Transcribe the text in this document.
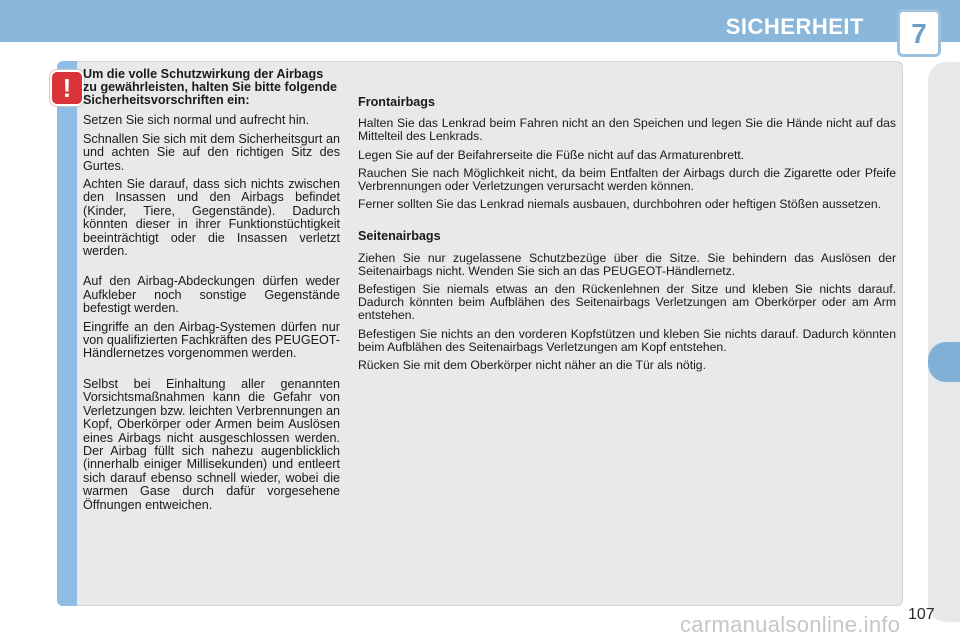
SICHERHEIT	7
! Um die volle Schutzwirkung der Airbags zu gewährleisten, halten Sie bitte folgende Sicherheitsvorschriften ein:

Setzen Sie sich normal und aufrecht hin.

Schnallen Sie sich mit dem Sicherheitsgurt an und achten Sie auf den richtigen Sitz des Gurtes.

Achten Sie darauf, dass sich nichts zwischen den Insassen und den Airbags befindet (Kinder, Tiere, Gegenstände). Dadurch könnten dieser in ihrer Funktionstüchtigkeit beeinträchtigt oder die Insassen verletzt werden.

Auf den Airbag-Abdeckungen dürfen weder Aufkleber noch sonstige Gegenstände befestigt werden.

Eingriffe an den Airbag-Systemen dürfen nur von qualifizierten Fachkräften des PEUGEOT-Händlernetzes vorgenommen werden.

Selbst bei Einhaltung aller genannten Vorsichtsmaßnahmen kann die Gefahr von Verletzungen bzw. leichten Verbrennungen an Kopf, Oberkörper oder Armen beim Auslösen eines Airbags nicht ausgeschlossen werden. Der Airbag füllt sich nahezu augenblicklich (innerhalb einiger Millisekunden) und entleert sich darauf ebenso schnell wieder, wobei die warmen Gase durch dafür vorgesehene Öffnungen entweichen.

Frontairbags

Halten Sie das Lenkrad beim Fahren nicht an den Speichen und legen Sie die Hände nicht auf das Mittelteil des Lenkrads.

Legen Sie auf der Beifahrerseite die Füße nicht auf das Armaturenbrett.

Rauchen Sie nach Möglichkeit nicht, da beim Entfalten der Airbags durch die Zigarette oder Pfeife Verbrennungen oder Verletzungen verursacht werden können.

Ferner sollten Sie das Lenkrad niemals ausbauen, durchbohren oder heftigen Stößen aussetzen.

Seitenairbags

Ziehen Sie nur zugelassene Schutzbezüge über die Sitze. Sie behindern das Auslösen der Seitenairbags nicht. Wenden Sie sich an das PEUGEOT-Händlernetz.

Befestigen Sie niemals etwas an den Rückenlehnen der Sitze und kleben Sie nichts darauf. Dadurch könnten beim Aufblähen des Seitenairbags Verletzungen am Oberkörper oder am Arm entstehen.

Befestigen Sie nichts an den vorderen Kopfstützen und kleben Sie nichts darauf. Dadurch könnten beim Aufblähen des Seitenairbags Verletzungen am Kopf entstehen.

Rücken Sie mit dem Oberkörper nicht näher an die Tür als nötig.

carmanualsonline.info 107
